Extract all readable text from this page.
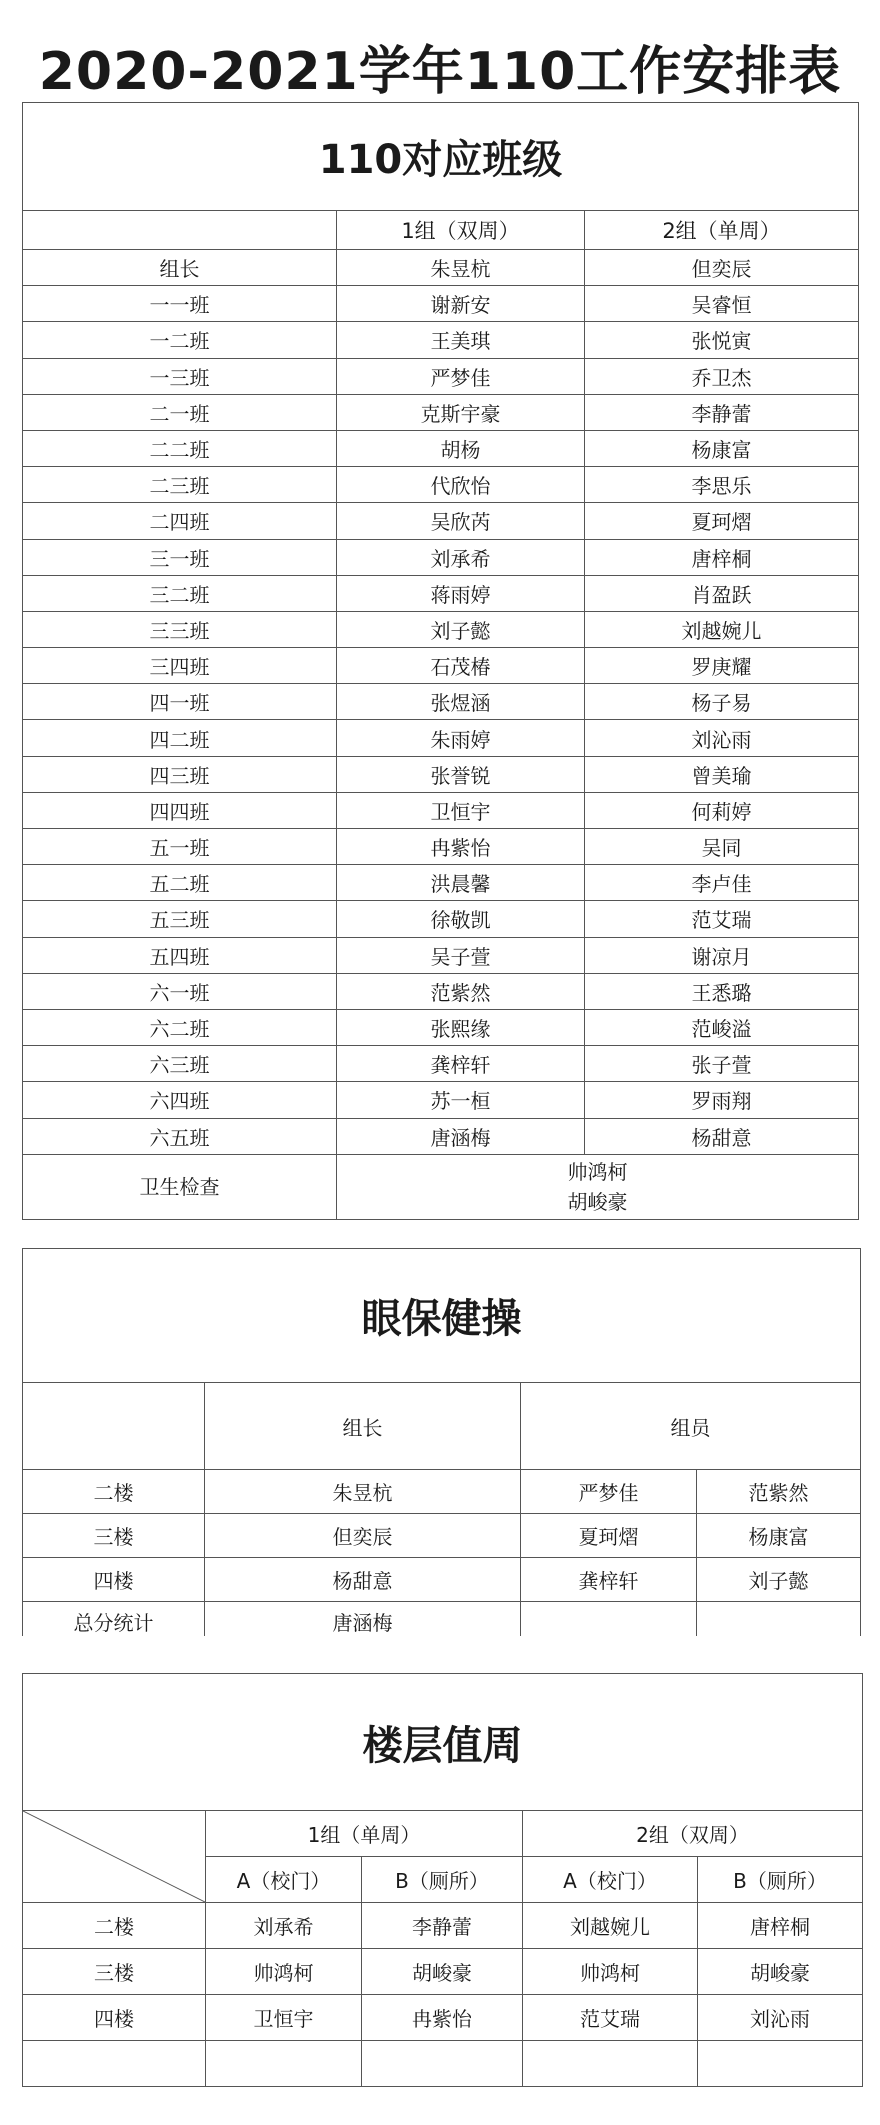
2020-2021学年110工作安排表
110对应班级		
	1组（双周）	2组（单周）
组长	朱昱杭	但奕辰
一一班	谢新安	吴睿恒
一二班	王美琪	张悦寅
一三班	严梦佳	乔卫杰
二一班	克斯宇豪	李静蕾
二二班	胡杨	杨康富
二三班	代欣怡	李思乐
二四班	吴欣芮	夏珂熠
三一班	刘承希	唐梓桐
三二班	蒋雨婷	肖盈跃
三三班	刘子懿	刘越婉儿
三四班	石茂椿	罗庚耀
四一班	张煜涵	杨子易
四二班	朱雨婷	刘沁雨
四三班	张誉锐	曾美瑜
四四班	卫恒宇	何莉婷
五一班	冉紫怡	吴同
五二班	洪晨馨	李卢佳
五三班	徐敬凯	范艾瑞
五四班	吴子萱	谢凉月
六一班	范紫然	王悉璐
六二班	张熙缘	范峻溢
六三班	龚梓轩	张子萱
六四班	苏一桓	罗雨翔
六五班	唐涵梅	杨甜意
卫生检查	帅鸿柯
胡峻豪	
眼保健操			
	组长	组员	
二楼	朱昱杭	严梦佳	范紫然
三楼	但奕辰	夏珂熠	杨康富
四楼	杨甜意	龚梓轩	刘子懿
总分统计	唐涵梅		
楼层值周				

	1组（单周）		2组（双周）	
	A（校门）	B（厕所）	A（校门）	B（厕所）
二楼	刘承希	李静蕾	刘越婉儿	唐梓桐
三楼	帅鸿柯	胡峻豪	帅鸿柯	胡峻豪
四楼	卫恒宇	冉紫怡	范艾瑞	刘沁雨
